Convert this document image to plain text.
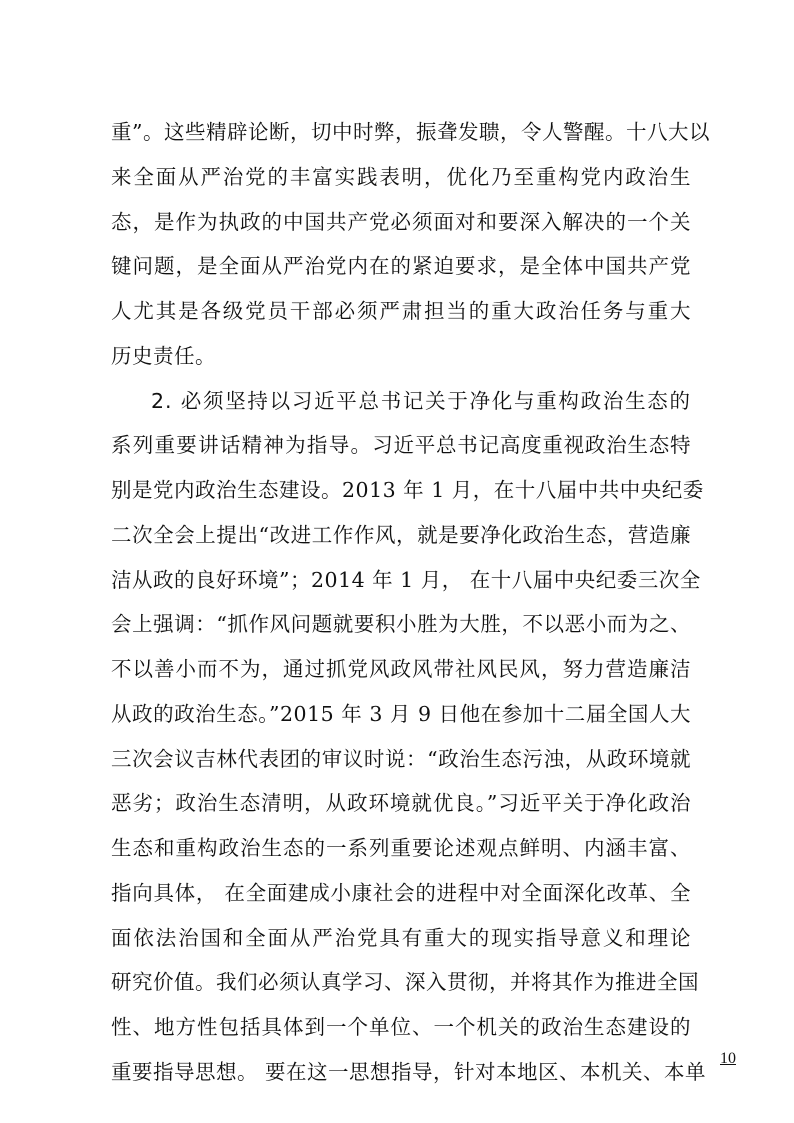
重”。这些精辟论断，切中时弊，振聋发聩，令人警醒。十八大以
来全面从严治党的丰富实践表明，优化乃至重构党内政治生
态，是作为执政的中国共产党必须面对和要深入解决的一个关
键问题，是全面从严治党内在的紧迫要求，是全体中国共产党
人尤其是各级党员干部必须严肃担当的重大政治任务与重大
历史责任。
2. 必须坚持以习近平总书记关于净化与重构政治生态的
系列重要讲话精神为指导。习近平总书记高度重视政治生态特
别是党内政治生态建设。2013 年 1 月，在十八届中共中央纪委
二次全会上提出“改进工作作风，就是要净化政治生态，营造廉
洁从政的良好环境”；2014 年 1 月， 在十八届中央纪委三次全
会上强调：“抓作风问题就要积小胜为大胜，不以恶小而为之、
不以善小而不为，通过抓党风政风带社风民风，努力营造廉洁
从政的政治生态。”2015 年 3 月 9 日他在参加十二届全国人大
三次会议吉林代表团的审议时说：“政治生态污浊，从政环境就
恶劣；政治生态清明，从政环境就优良。”习近平关于净化政治
生态和重构政治生态的一系列重要论述观点鲜明、内涵丰富、
指向具体， 在全面建成小康社会的进程中对全面深化改革、全
面依法治国和全面从严治党具有重大的现实指导意义和理论
研究价值。我们必须认真学习、深入贯彻，并将其作为推进全国
性、地方性包括具体到一个单位、一个机关的政治生态建设的
重要指导思想。 要在这一思想指导，针对本地区、本机关、本单
10
